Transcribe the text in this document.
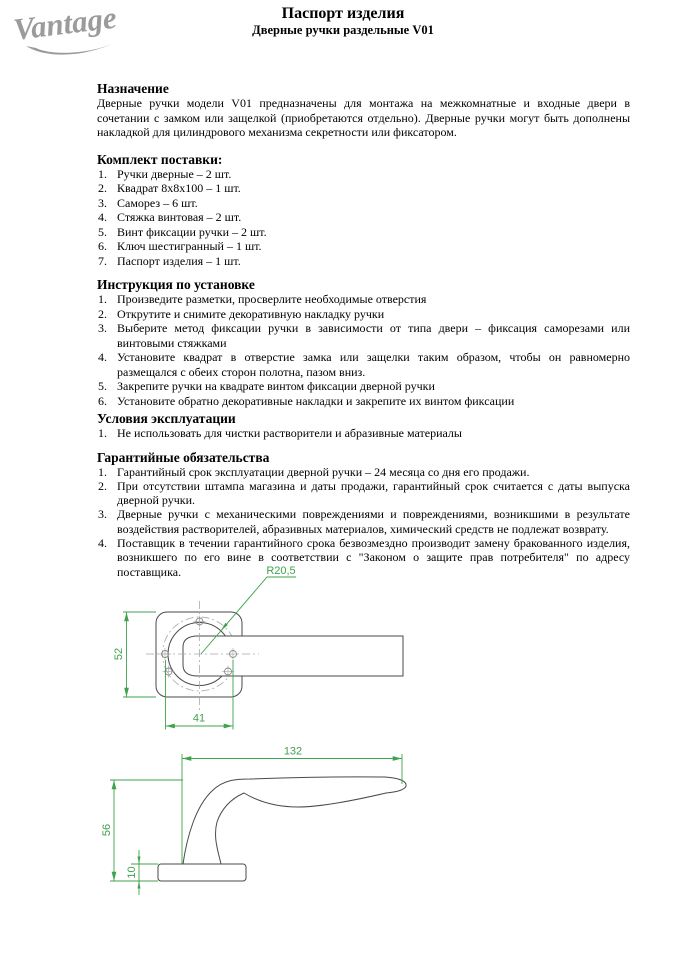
Vantage	Паспорт изделия
Дверные ручки раздельные V01
Назначение

Дверные ручки модели V01 предназначены для монтажа на межкомнатные и входные двери в сочетании с замком или защелкой (приобретаются отдельно). Дверные ручки могут быть дополнены накладкой для цилиндрового механизма секретности или фиксатором.

Комплект поставки:
Ручки дверные – 2 шт.
Квадрат 8х8х100 – 1 шт.
Саморез – 6 шт.
Стяжка винтовая – 2 шт.
Винт фиксации ручки – 2 шт.
Ключ шестигранный – 1 шт.
Паспорт изделия – 1 шт.
Инструкция по установке
Произведите разметки, просверлите необходимые отверстия
Открутите и снимите декоративную накладку ручки
Выберите метод фиксации ручки в зависимости от типа двери – фиксация саморезами или винтовыми стяжками
Установите квадрат в отверстие замка или защелки таким образом, чтобы он равномерно размещался с обеих сторон полотна, пазом вниз.
Закрепите ручки на квадрате винтом фиксации дверной ручки
Установите обратно декоративные накладки и закрепите их винтом фиксации
Условия эксплуатации
Не использовать для чистки растворители и абразивные материалы
Гарантийные обязательства
Гарантийный срок эксплуатации дверной ручки – 24 месяца со дня его продажи.
При отсутствии штампа магазина и даты продажи, гарантийный срок считается с даты выпуска дверной ручки.
Дверные ручки с механическими повреждениями и повреждениями, возникшими в результате воздействия растворителей, абразивных материалов, химический средств не подлежат возврату.
Поставщик в течении гарантийного срока безвозмездно производит замену бракованного изделия, возникшего по его вине в соответствии с "Законом о защите прав потребителя" по адресу поставщика.
52
41
R20,5
132
56
10
